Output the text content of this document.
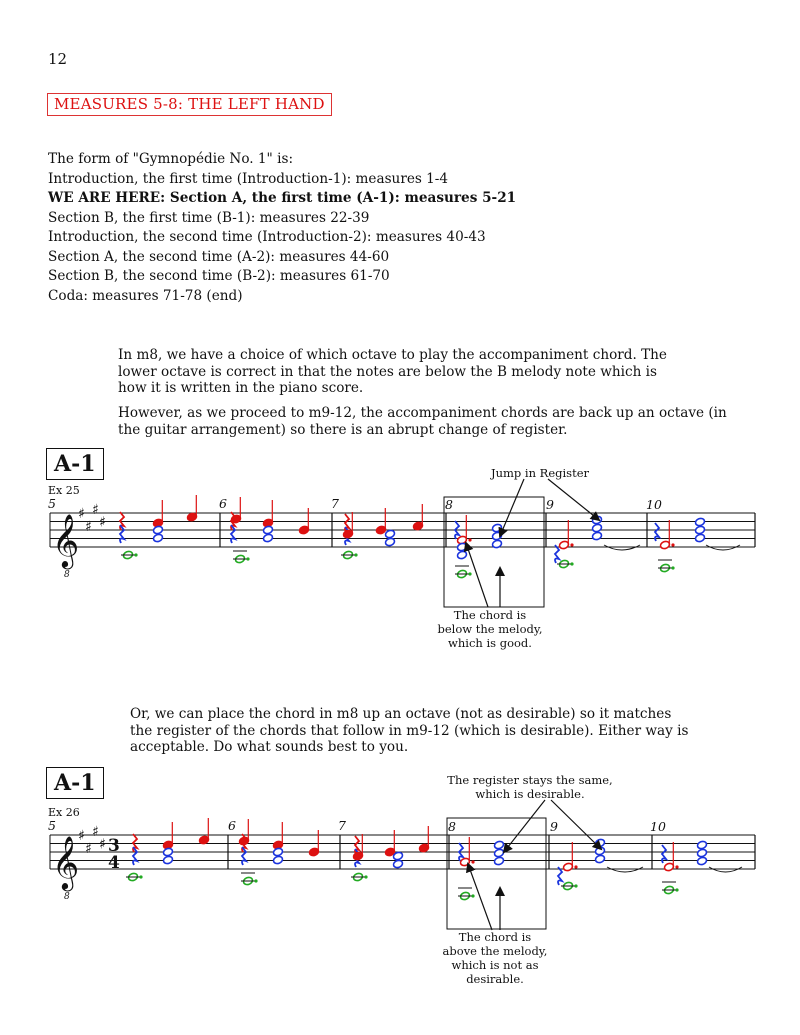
12
MEASURES 5-8: THE LEFT HAND
The form of "Gymnopédie No. 1" is:
Introduction, the first time (Introduction-1): measures 1-4
WE ARE HERE: Section A, the first time (A-1): measures 5-21
Section B, the first time (B-1): measures 22-39
Introduction, the second time (Introduction-2): measures 40-43
Section A, the second time (A-2): measures 44-60
Section B, the second time (B-2): measures 61-70
Coda: measures 71-78 (end)
In m8, we have a choice of which octave to play the accompaniment chord. The lower octave is correct in that the notes are below the B melody note which is how it is written in the piano score.
However, as we proceed to m9-12, the accompaniment chords are back up an octave (in the guitar arrangement) so there is an abrupt change of register.
A-1
Ex 25
Or, we can place the chord in m8 up an octave (not as desirable) so it matches the register of the chords that follow in m9-12 (which is desirable). Either way is acceptable. Do what sounds best to you.
A-1
Ex 26
5	6	7	8	9	10
5	6	7	8	9	10
Jump in Register
The chord is
below the melody,
which is good.
The register stays the same,
which is desirable.
The chord is
above the melody,
which is not as
desirable.
𝄞
8
♯
♯
♯
♯
𝄞
8
♯
♯
♯
♯ 3
4
